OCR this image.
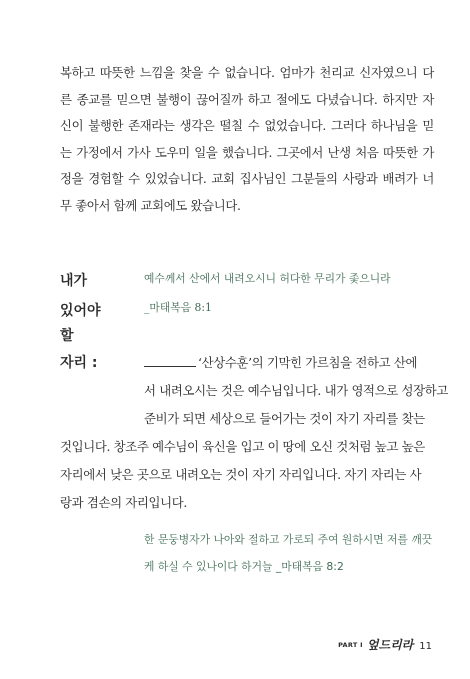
복하고 따뜻한 느낌을 찾을 수 없습니다. 엄마가 천리교 신자였으니 다
른 종교를 믿으면 불행이 끊어질까 하고 절에도 다녔습니다. 하지만 자
신이 불행한 존재라는 생각은 떨칠 수 없었습니다. 그러다 하나님을 믿
는 가정에서 가사 도우미 일을 했습니다. 그곳에서 난생 처음 따뜻한 가
정을 경험할 수 있었습니다. 교회 집사님인 그분들의 사랑과 배려가 너
무 좋아서 함께 교회에도 왔습니다.
내가
있어야
할
자리 :
예수께서 산에서 내려오시니 허다한 무리가 좇으니라
_마태복음 8:1
‘산상수훈’의 기막힌 가르침을 전하고 산에
서 내려오시는 것은 예수님입니다. 내가 영적으로 성장하고
준비가 되면 세상으로 들어가는 것이 자기 자리를 찾는
것입니다. 창조주 예수님이 육신을 입고 이 땅에 오신 것처럼 높고 높은
자리에서 낮은 곳으로 내려오는 것이 자기 자리입니다. 자기 자리는 사
랑과 겸손의 자리입니다.
한 문둥병자가 나아와 절하고 가로되 주여 원하시면 저를 깨끗
케 하실 수 있나이다 하거늘 _마태복음 8:2
PART I 엎드리라 11
